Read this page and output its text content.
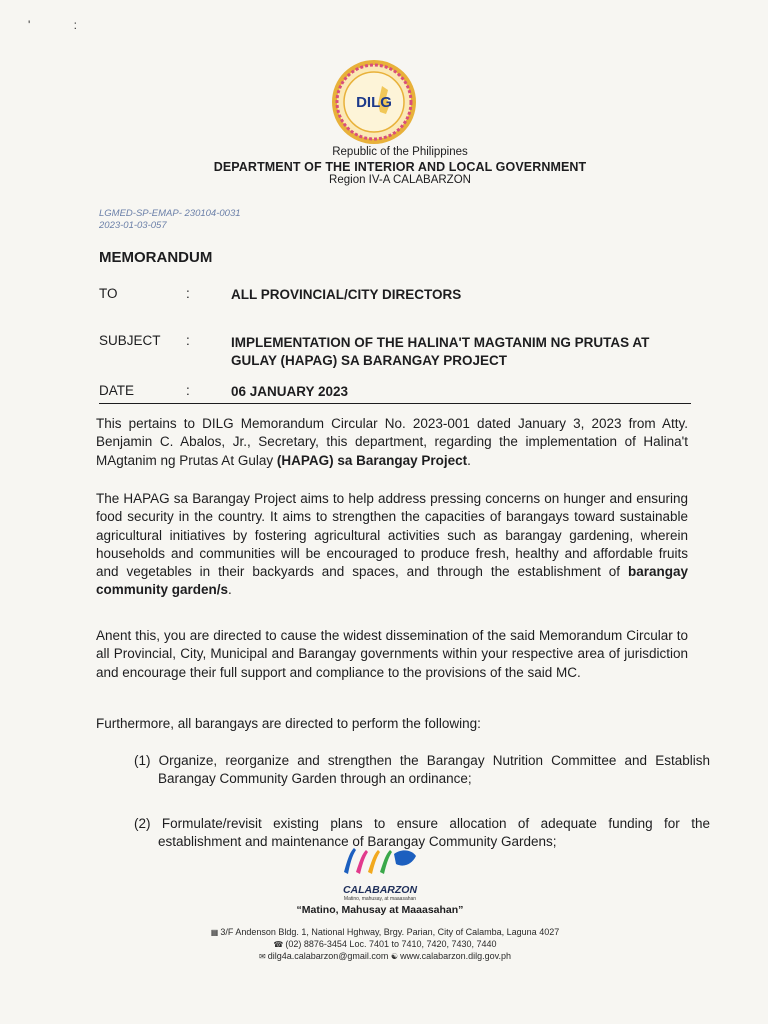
' :
DILG
Republic of the Philippines
DEPARTMENT OF THE INTERIOR AND LOCAL GOVERNMENT
Region IV-A CALABARZON
LGMED-SP-EMAP- 230104-0031
2023-01-03-057
MEMORANDUM
TO	:	ALL PROVINCIAL/CITY DIRECTORS
SUBJECT :	IMPLEMENTATION OF THE HALINA'T MAGTANIM NG PRUTAS AT GULAY (HAPAG) SA BARANGAY PROJECT
DATE	:	06 JANUARY 2023
This pertains to DILG Memorandum Circular No. 2023-001 dated January 3, 2023 from Atty. Benjamin C. Abalos, Jr., Secretary, this department, regarding the implementation of Halina't MAgtanim ng Prutas At Gulay (HAPAG) sa Barangay Project.
The HAPAG sa Barangay Project aims to help address pressing concerns on hunger and ensuring food security in the country. It aims to strengthen the capacities of barangays toward sustainable agricultural initiatives by fostering agricultural activities such as barangay gardening, wherein households and communities will be encouraged to produce fresh, healthy and affordable fruits and vegetables in their backyards and spaces, and through the establishment of barangay community garden/s.
Anent this, you are directed to cause the widest dissemination of the said Memorandum Circular to all Provincial, City, Municipal and Barangay governments within your respective area of jurisdiction and encourage their full support and compliance to the provisions of the said MC.
Furthermore, all barangays are directed to perform the following:
(1) Organize, reorganize and strengthen the Barangay Nutrition Committee and Establish Barangay Community Garden through an ordinance;
(2) Formulate/revisit existing plans to ensure allocation of adequate funding for the establishment and maintenance of Barangay Community Gardens;
CALABARZON
Matino, mahusay, at maaasahan
“Matino, Mahusay at Maaasahan”
▦ 3/F Andenson Bldg. 1, National Hghway, Brgy. Parian, City of Calamba, Laguna 4027
☎ (02) 8876-3454 Loc. 7401 to 7410, 7420, 7430, 7440
✉ dilg4a.calabarzon@gmail.com ☯ www.calabarzon.dilg.gov.ph
